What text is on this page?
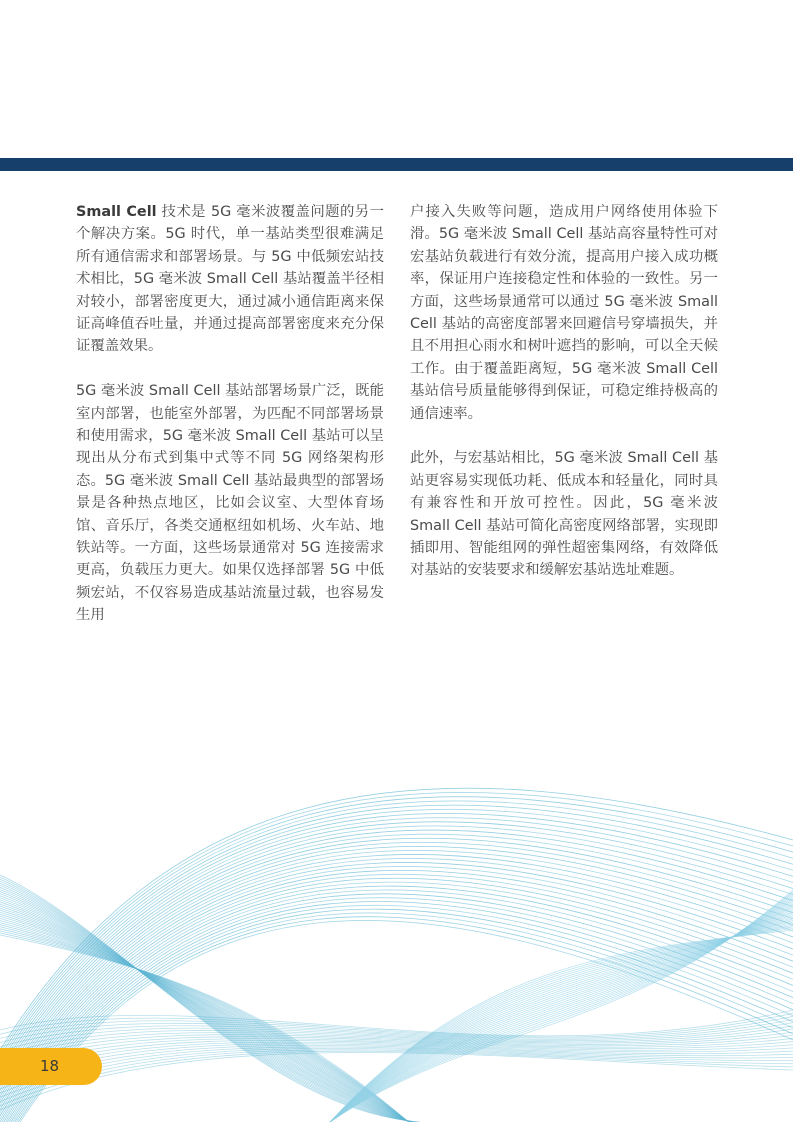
Small Cell 技术是 5G 毫米波覆盖问题的另一个解决方案。5G 时代，单一基站类型很难满足所有通信需求和部署场景。与 5G 中低频宏站技术相比，5G 毫米波 Small Cell 基站覆盖半径相对较小，部署密度更大，通过减小通信距离来保证高峰值吞吐量，并通过提高部署密度来充分保证覆盖效果。

5G 毫米波 Small Cell 基站部署场景广泛，既能室内部署，也能室外部署，为匹配不同部署场景和使用需求，5G 毫米波 Small Cell 基站可以呈现出从分布式到集中式等不同 5G 网络架构形态。5G 毫米波 Small Cell 基站最典型的部署场景是各种热点地区，比如会议室、大型体育场馆、音乐厅，各类交通枢纽如机场、火车站、地铁站等。一方面，这些场景通常对 5G 连接需求更高，负载压力更大。如果仅选择部署 5G 中低频宏站，不仅容易造成基站流量过载，也容易发生用

户接入失败等问题，造成用户网络使用体验下滑。5G 毫米波 Small Cell 基站高容量特性可对宏基站负载进行有效分流，提高用户接入成功概率，保证用户连接稳定性和体验的一致性。另一方面，这些场景通常可以通过 5G 毫米波 Small Cell 基站的高密度部署来回避信号穿墙损失，并且不用担心雨水和树叶遮挡的影响，可以全天候工作。由于覆盖距离短，5G 毫米波 Small Cell 基站信号质量能够得到保证，可稳定维持极高的通信速率。

此外，与宏基站相比，5G 毫米波 Small Cell 基站更容易实现低功耗、低成本和轻量化，同时具有兼容性和开放可控性。因此，5G 毫米波 Small Cell 基站可简化高密度网络部署，实现即插即用、智能组网的弹性超密集网络，有效降低对基站的安装要求和缓解宏基站选址难题。

18
